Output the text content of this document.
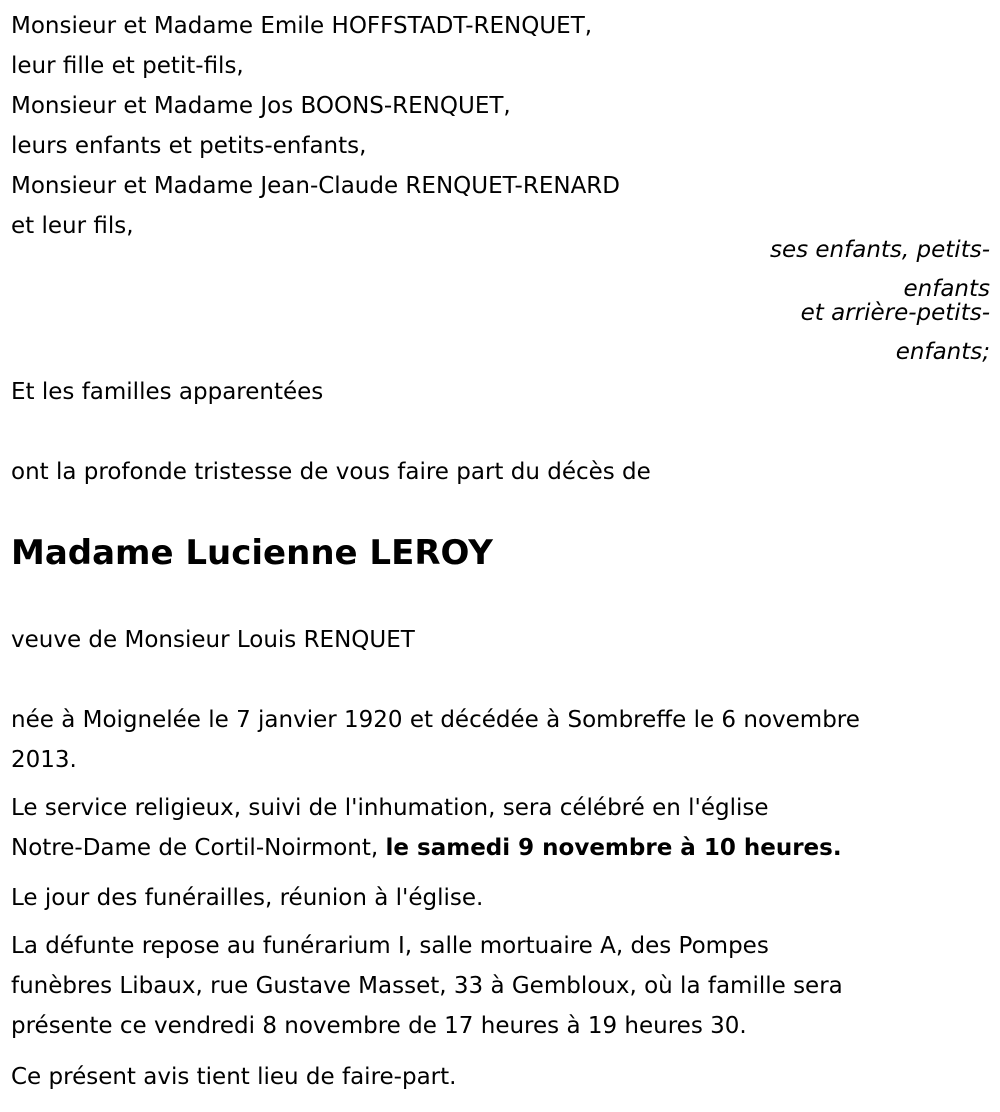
Monsieur et Madame Emile HOFFSTADT-RENQUET,
leur fille et petit-fils,
Monsieur et Madame Jos BOONS-RENQUET,
leurs enfants et petits-enfants,
Monsieur et Madame Jean-Claude RENQUET-RENARD
et leur fils,
ses enfants, petits-
enfants
et arrière-petits-
enfants;
Et les familles apparentées
ont la profonde tristesse de vous faire part du décès de
Madame Lucienne LEROY
veuve de Monsieur Louis RENQUET
née à Moignelée le 7 janvier 1920 et décédée à Sombreffe le 6 novembre
2013.
Le service religieux, suivi de l'inhumation, sera célébré en l'église
Notre-Dame de Cortil-Noirmont, le samedi 9 novembre à 10 heures.
Le jour des funérailles, réunion à l'église.
La défunte repose au funérarium I, salle mortuaire A, des Pompes
funèbres Libaux, rue Gustave Masset, 33 à Gembloux, où la famille sera
présente ce vendredi 8 novembre de 17 heures à 19 heures 30.
Ce présent avis tient lieu de faire-part.
